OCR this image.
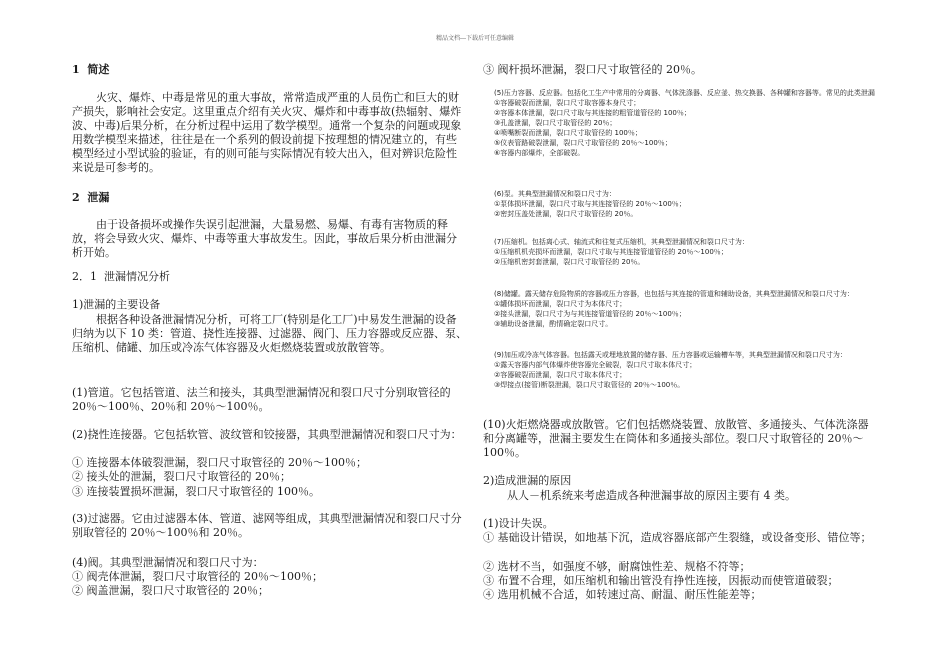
精品文档---下载后可任意编辑

1  简述

火灾、爆炸、中毒是常见的重大事故，常常造成严重的人员伤亡和巨大的财产损失，影响社会安定。这里重点介绍有关火灾、爆炸和中毒事故(热辐射、爆炸波、中毒)后果分析，在分析过程中运用了数学模型。通常一个复杂的问题或现象用数学模型来描述，往往是在一个系列的假设前提下按理想的情况建立的，有些模型经过小型试验的验证，有的则可能与实际情况有较大出入，但对辨识危险性来说是可参考的。

2  泄漏

由于设备损坏或操作失误引起泄漏，大量易燃、易爆、有毒有害物质的释放，将会导致火灾、爆炸、中毒等重大事故发生。因此，事故后果分析由泄漏分析开始。

2．1  泄漏情况分析

1)泄漏的主要设备

根据各种设备泄漏情况分析，可将工厂(特别是化工厂)中易发生泄漏的设备归纳为以下 10 类：管道、挠性连接器、过滤器、阀门、压力容器或反应器、泵、压缩机、储罐、加压或冷冻气体容器及火炬燃烧装置或放散管等。

(1)管道。它包括管道、法兰和接头，其典型泄漏情况和裂口尺寸分别取管径的 20％～100％、20％和 20％～100％。

(2)挠性连接器。它包括软管、波纹管和铰接器，其典型泄漏情况和裂口尺寸为：

① 连接器本体破裂泄漏，裂口尺寸取管径的 20％～100％；

② 接头处的泄漏，裂口尺寸取管径的 20％；

③ 连接装置损坏泄漏，裂口尺寸取管径的 100％。

(3)过滤器。它由过滤器本体、管道、滤网等组成，其典型泄漏情况和裂口尺寸分别取管径的 20％～100％和 20％。

(4)阀。其典型泄漏情况和裂口尺寸为：

① 阀壳体泄漏，裂口尺寸取管径的 20％～100％；

② 阀盖泄漏，裂口尺寸取管径的 20％；

③ 阀杆损坏泄漏，裂口尺寸取管径的 20％。

(10)火炬燃烧器或放散管。它们包括燃烧装置、放散管、多通接头、气体洗涤器和分离罐等，泄漏主要发生在筒体和多通接头部位。裂口尺寸取管径的 20％～100％。

2)造成泄漏的原因

从人－机系统来考虑造成各种泄漏事故的原因主要有 4 类。

(1)设计失误。

① 基础设计错误，如地基下沉，造成容器底部产生裂缝，或设备变形、错位等；

② 选材不当，如强度不够，耐腐蚀性差、规格不符等；

③ 布置不合理，如压缩机和输出管没有挣性连接，因振动而使管道破裂；

④ 选用机械不合适，如转速过高、耐温、耐压性能差等；

(5)压力容器、反应器。包括化工生产中常用的分离器、气体洗涤器、反应釜、热交换器、各种罐和容器等。常见的此类泄漏
①容器破裂而泄漏，裂口尺寸取容器本身尺寸；
②容器本体泄漏，裂口尺寸取与其连接的粗管道管径的 100％；
③孔盖泄漏，裂口尺寸取管径的 20％；
④喷嘴断裂而泄漏，裂口尺寸取管径的 100％；
⑤仪表管路破裂泄漏，裂口尺寸取管径的 20％～100％；
⑥容器内部爆炸，全部破裂。
(6)泵。其典型泄漏情况和裂口尺寸为：
①泵体损坏泄漏，裂口尺寸取与其连接管径的 20％～100％；
②密封压盖处泄漏，裂口尺寸取管径的 20％。
(7)压缩机。包括离心式、轴流式和往复式压缩机，其典型泄漏情况和裂口尺寸为：
①压缩机机壳损坏而泄漏，裂口尺寸取与其连接管道管径的 20％～100％；
②压缩机密封套泄漏，裂口尺寸取管径的 20％。
(8)储罐。露天储存危险物质的容器或压力容器，也包括与其连接的管道和辅助设备，其典型泄漏情况和裂口尺寸为：
①罐体损坏而泄漏，裂口尺寸为本体尺寸；
②接头泄漏，裂口尺寸为与其连接管道管径的 20％～100％；
③辅助设备泄漏，酌情确定裂口尺寸。
(9)加压或冷冻气体容器。包括露天或埋地放置的储存器、压力容器或运输槽车等，其典型泄漏情况和裂口尺寸为：
①露天容器内部气体爆炸使容器完全破裂，裂口尺寸取本体尺寸；
②容器破裂而泄漏，裂口尺寸取本体尺寸；
③焊接点(接管)断裂泄漏，裂口尺寸取管径的 20％～100％。
